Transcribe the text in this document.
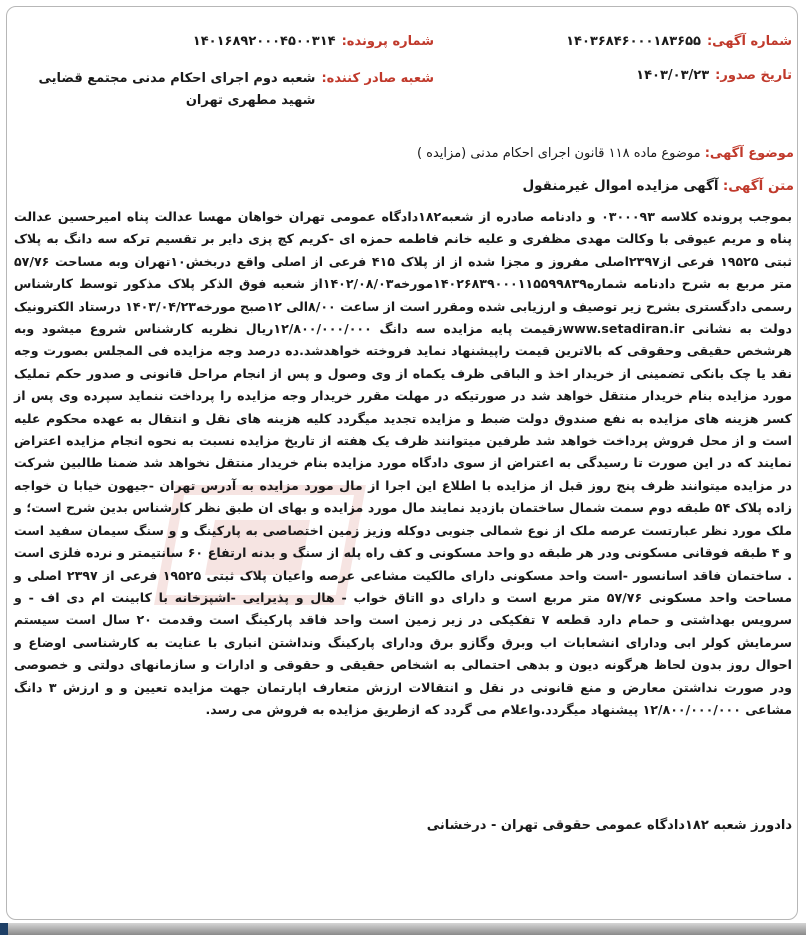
شماره آگهی:
۱۴۰۳۶۸۴۶۰۰۰۱۸۳۶۵۵
شماره پرونده:
۱۴۰۱۶۸۹۲۰۰۰۴۵۰۰۳۱۴
تاریخ صدور:
۱۴۰۳/۰۳/۲۳
شعبه صادر کننده:
شعبه دوم اجرای احکام مدنی مجتمع قضایی شهید مطهری تهران
موضوع آگهی: موضوع ماده ۱۱۸ قانون اجرای احکام مدنی (مزایده )
متن آگهی: آگهی مزایده اموال غیرمنقول

بموجب پرونده کلاسه ۰۳۰۰۰۹۳ و دادنامه صادره از شعبه۱۸۲دادگاه عمومی تهران خواهان مهسا عدالت پناه امیرحسین عدالت پناه و مریم عیوقی با وکالت مهدی مظفری و علیه خانم فاطمه حمزه ای -کریم کچ پزی دایر بر تقسیم ترکه سه دانگ به پلاک ثبتی ۱۹۵۲۵ فرعی از۲۳۹۷اصلی مفروز و مجزا شده از از پلاک ۴۱۵ فرعی از اصلی واقع دربخش۱۰تهران وبه مساحت ۵۷/۷۶ متر مربع به شرح دادنامه شماره۱۴۰۲۶۸۳۹۰۰۰۱۱۵۵۹۹۸۳۹مورخه۱۴۰۲/۰۸/۰۳از شعبه فوق الذکر پلاک مذکور توسط کارشناس رسمی دادگستری بشرح زیر توصیف و ارزیابی شده ومقرر است از ساعت ۸/۰۰الی ۱۲صبح مورخه۱۴۰۳/۰۴/۲۳ درستاد الکترونیک دولت به نشانی www.setadiran.irزقیمت پایه مزایده سه دانگ ۱۲/۸۰۰/۰۰۰/۰۰۰ریال نظریه کارشناس شروع میشود وبه هرشخص حقیقی وحقوقی که بالاترین قیمت راپیشنهاد نماید فروخته خواهدشد.ده درصد وجه مزایده فی المجلس بصورت وجه نقد یا چک بانکی تضمینی از خریدار اخذ و الباقی ظرف یکماه از وی وصول و پس از انجام مراحل قانونی و صدور حکم تملیک مورد مزایده بنام خریدار منتقل خواهد شد در صورتیکه در مهلت مقرر خریدار وجه مزایده را پرداخت ننماید سپرده وی پس از کسر هزینه های مزایده به نفع صندوق دولت ضبط و مزایده تجدید میگردد کلیه هزینه های نقل و انتقال به عهده محکوم علیه است و از محل فروش پرداخت خواهد شد طرفین میتوانند ظرف یک هفته از تاریخ مزایده نسبت به نحوه انجام مزایده اعتراض نمایند که در این صورت تا رسیدگی به اعتراض از سوی دادگاه مورد مزایده بنام خریدار منتقل نخواهد شد ضمنا طالبین شرکت در مزایده میتوانند ظرف پنج روز قبل از مزایده با اطلاع این اجرا از مال مورد مزایده به آدرس تهران -جیهون خیابا ن خواجه زاده پلاک ۵۴ طبقه دوم سمت شمال ساختمان بازدید نمایند مال مورد مزایده و بهای ان طبق نظر کارشناس بدین شرح است؛ و ملک مورد نظر عبارتست عرصه ملک از نوع شمالی جنوبی دوکله وزیز زمین اختصاصی به پارکینگ و و سنگ سیمان سفید است و ۴ طبقه فوقانی مسکونی ودر هر طبقه دو واحد مسکونی و کف راه پله از سنگ و بدنه ارتفاع ۶۰ سانتیمتر و نرده فلزی است . ساختمان فاقد اسانسور -است واحد مسکونی دارای مالکیت مشاعی عرصه واعیان پلاک ثبتی ۱۹۵۲۵ فرعی از ۲۳۹۷ اصلی و مساحت واحد مسکونی ۵۷/۷۶ متر مربع است و دارای دو ااتاق خواب - هال و پذیرایی -اشپزخانه با کابینت ام دی اف - و سرویس بهداشتی و حمام دارد قطعه ۷ تفکیکی در زیر زمین است واحد فاقد پارکینگ است وقدمت ۲۰ سال است سیستم سرمایش کولر ابی ودارای انشعابات اب وبرق وگازو برق ودارای پارکینگ ونداشتن انباری با عنایت به کارشناسی اوضاع و احوال روز بدون لحاظ هرگونه دیون و بدهی احتمالی به اشخاص حقیقی و حقوقی و ادارات و سازمانهای دولتی و خصوصی ودر صورت نداشتن معارض و منع قانونی در نقل و انتقالات ارزش متعارف اپارتمان جهت مزایده تعیین و و ارزش ۳ دانگ مشاعی ۱۲/۸۰۰/۰۰۰/۰۰۰ پیشنهاد میگردد.واعلام می گردد که ازطریق مزایده به فروش می رسد.

دادورز شعبه ۱۸۲دادگاه عمومی حقوقی تهران - درخشانی
